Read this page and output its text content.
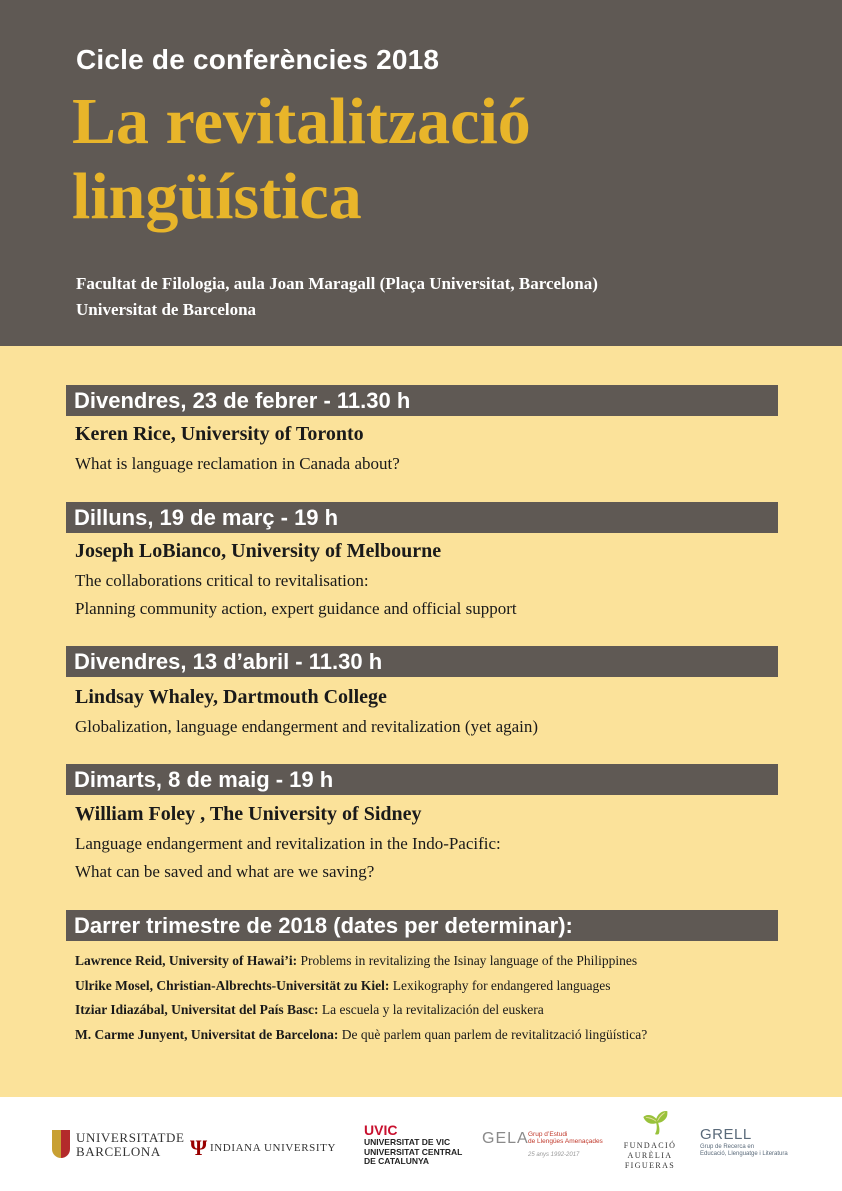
Cicle de conferències 2018
La revitalització
lingüística
Facultat de Filologia, aula Joan Maragall (Plaça Universitat, Barcelona)
Universitat de Barcelona
Divendres, 23 de febrer - 11.30 h
Keren Rice, University of Toronto
What is language reclamation in Canada about?
Dilluns, 19 de març - 19 h
Joseph LoBianco, University of Melbourne
The collaborations critical to revitalisation:
Planning community action, expert guidance and official support
Divendres, 13 d’abril - 11.30 h
Lindsay Whaley, Dartmouth College
Globalization, language endangerment and revitalization (yet again)
Dimarts, 8 de maig - 19 h
William Foley , The University of Sidney
Language endangerment and revitalization in the Indo-Pacific:
What can be saved and what are we saving?
Darrer trimestre de 2018 (dates per determinar):
Lawrence Reid, University of Hawai’i: Problems in revitalizing the Isinay language of the Philippines
Ulrike Mosel, Christian-Albrechts-Universität zu Kiel: Lexikography for endangered languages
Itziar Idiazábal, Universitat del País Basc: La escuela y la revitalización del euskera
M. Carme Junyent, Universitat de Barcelona: De què parlem quan parlem de revitalització lingüística?
UNIVERSITATDE
BARCELONA	Ψ INDIANA UNIVERSITY
UVIC
UNIVERSITAT DE VIC
UNIVERSITAT CENTRAL
DE CATALUNYA
GELA Grup d’Estudi
de Llengües Amenaçades
25 anys 1992-2017
🌱
FUNDACIÓ
AURÈLIA
FIGUERAS
GRELL
Grup de Recerca en
Educació, Llenguatge i Literatura
